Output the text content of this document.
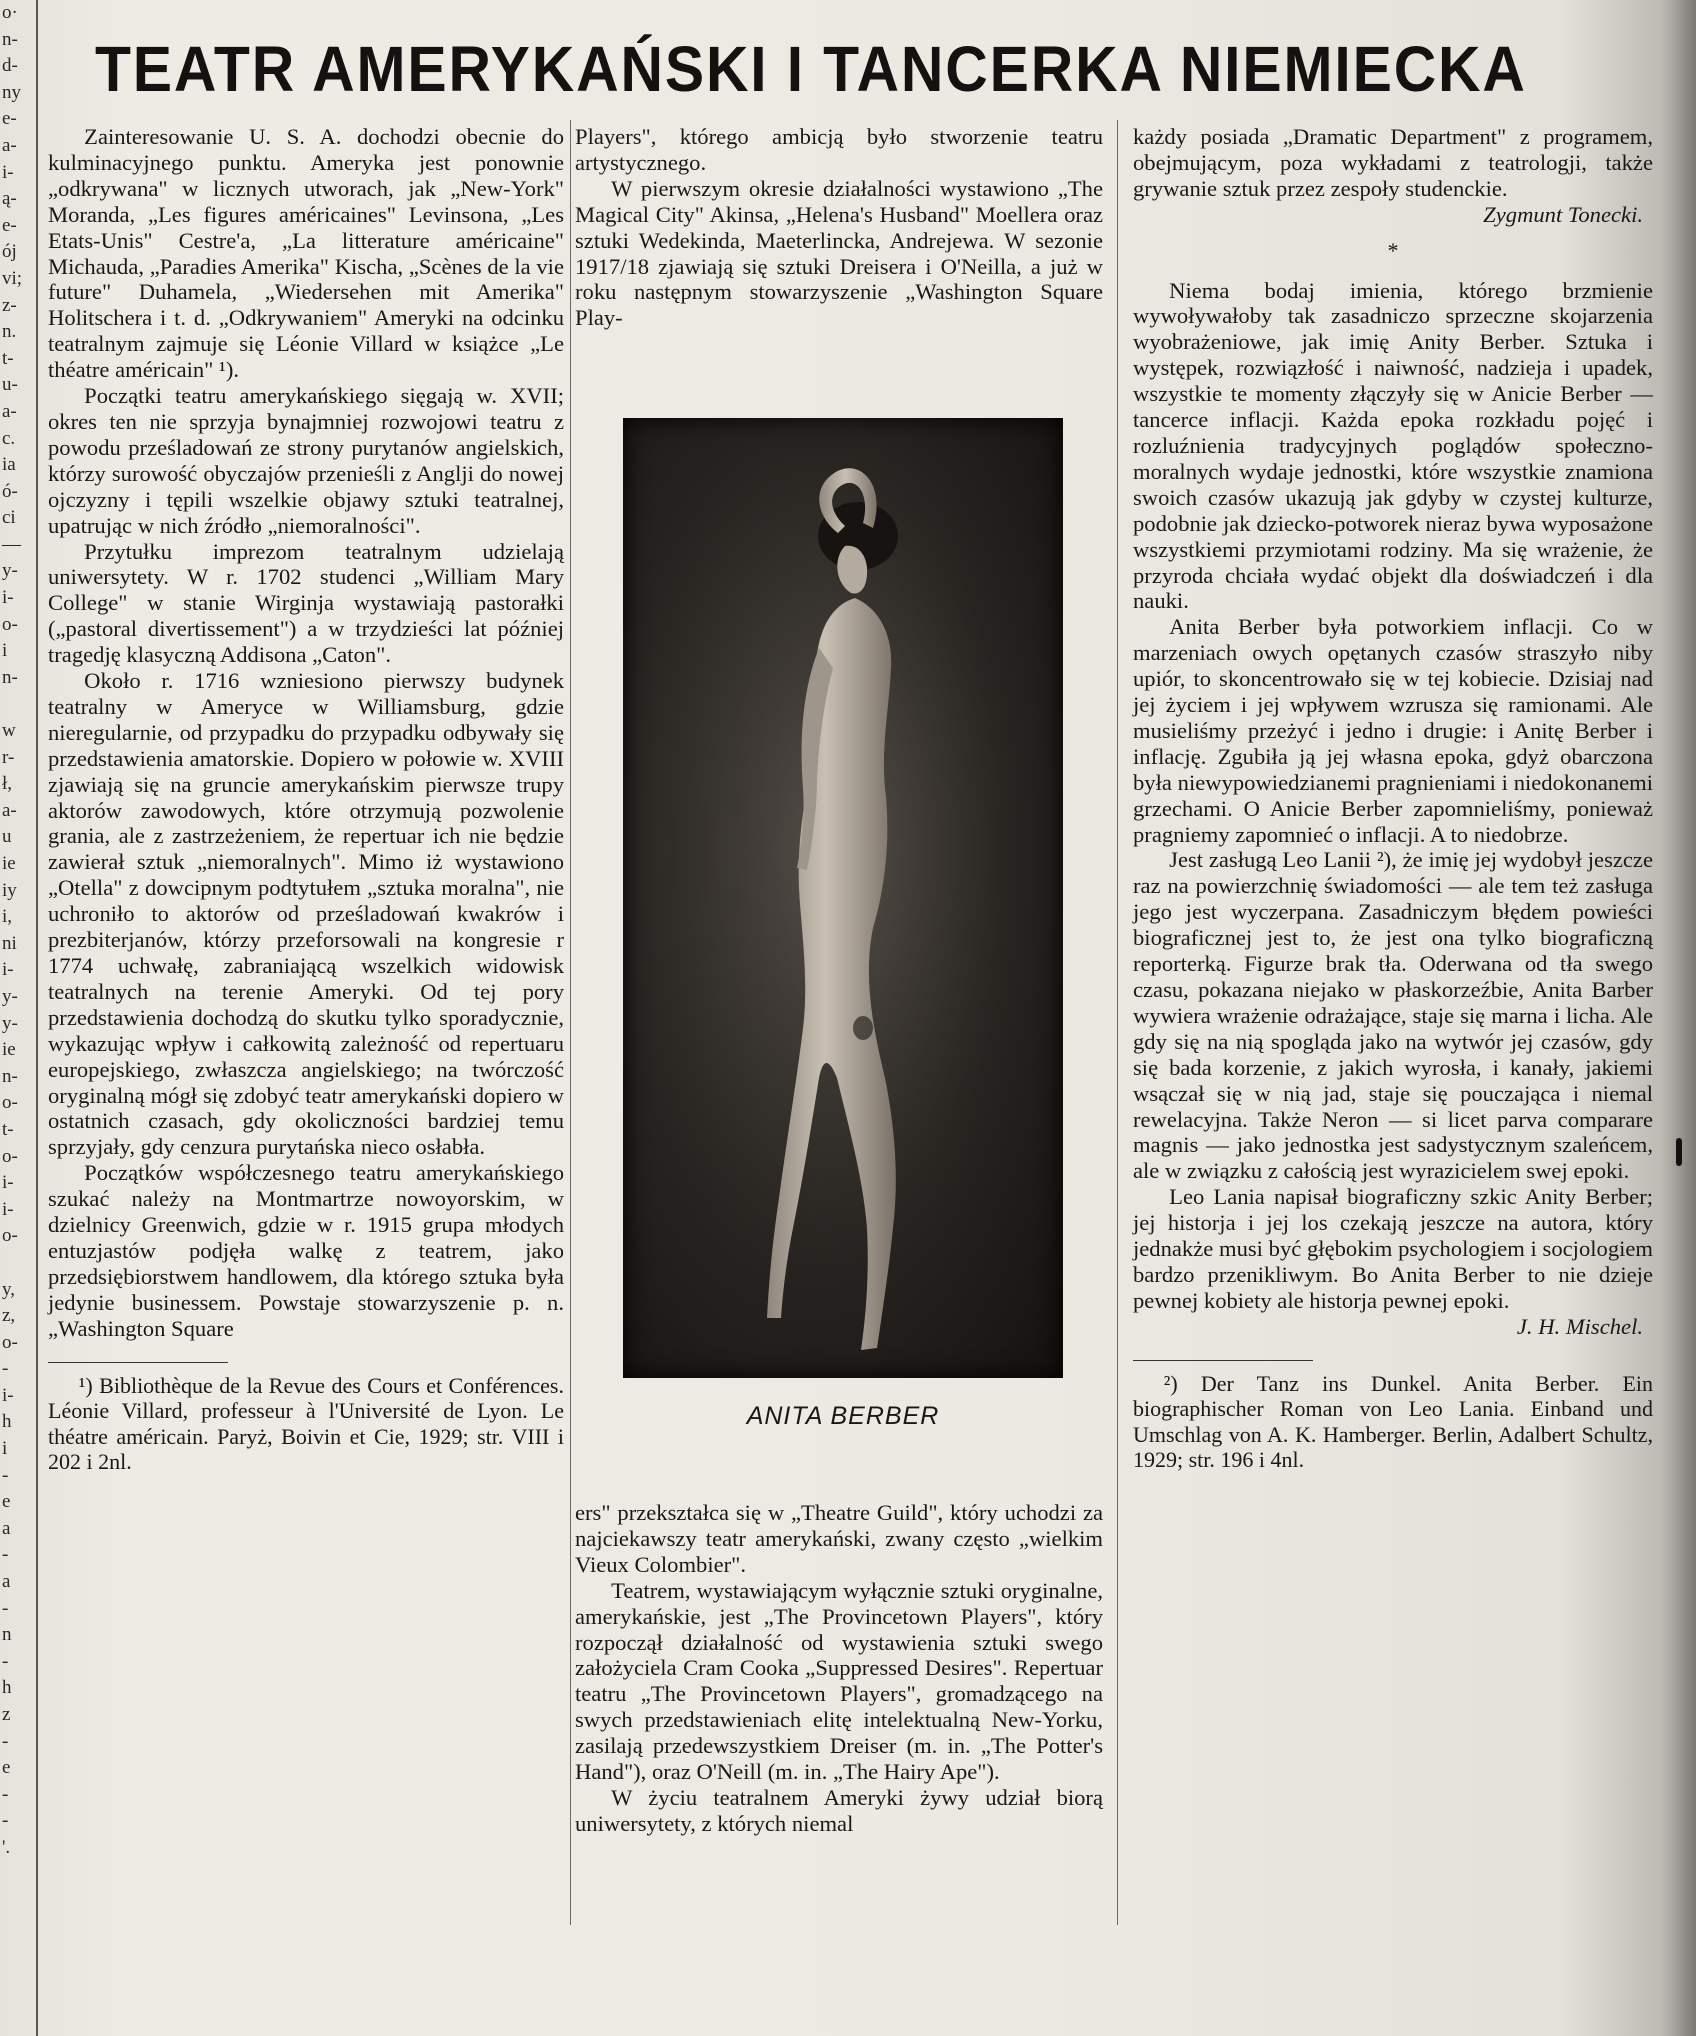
o·
n-
d-
ny
e-
a-
i-
ą-
e-
ój
vi;
z-
n.
t-
u-
a-
c.
ia
ó-
ci
—
y-
i-
o-
i
n-
w
r-
ł,
a-
u
ie
iy
i,
ni
i-
y-
y-
ie
n-
o-
t-
o-
i-
i-
o-
y,
z,
o-
-
i-
h
i
-
e
a
-
a
-
n
-
h
z
-
e
-
-
'.
TEATR AMERYKAŃSKI I TANCERKA NIEMIECKA

Zainteresowanie U. S. A. dochodzi obecnie do kulminacyjnego punktu. Ameryka jest ponownie „odkrywana" w licznych utworach, jak „New-York" Moranda, „Les figures américaines" Levinsona, „Les Etats-Unis" Cestre'a, „La litterature américaine" Michauda, „Paradies Amerika" Kischa, „Scènes de la vie future" Duhamela, „Wiedersehen mit Amerika" Holitschera i t. d. „Odkrywaniem" Ameryki na odcinku teatralnym zajmuje się Léonie Villard w książce „Le théatre américain" ¹).

Początki teatru amerykańskiego sięgają w. XVII; okres ten nie sprzyja bynajmniej rozwojowi teatru z powodu prześladowań ze strony purytanów angielskich, którzy surowość obyczajów przenieśli z Anglji do nowej ojczyzny i tępili wszelkie objawy sztuki teatralnej, upatrując w nich źródło „niemoralności".

Przytułku imprezom teatralnym udzielają uniwersytety. W r. 1702 studenci „William Mary College" w stanie Wirginja wystawiają pastorałki („pastoral divertissement") a w trzydzieści lat później tragedję klasyczną Addisona „Caton".

Około r. 1716 wzniesiono pierwszy budynek teatralny w Ameryce w Williamsburg, gdzie nieregularnie, od przypadku do przypadku odbywały się przedstawienia amatorskie. Dopiero w połowie w. XVIII zjawiają się na gruncie amerykańskim pierwsze trupy aktorów zawodowych, które otrzymują pozwolenie grania, ale z zastrzeżeniem, że repertuar ich nie będzie zawierał sztuk „niemoralnych". Mimo iż wystawiono „Otella" z dowcipnym podtytułem „sztuka moralna", nie uchroniło to aktorów od prześladowań kwakrów i prezbiterjanów, którzy przeforsowali na kongresie r 1774 uchwałę, zabraniającą wszelkich widowisk teatralnych na terenie Ameryki. Od tej pory przedstawienia dochodzą do skutku tylko sporadycznie, wykazując wpływ i całkowitą zależność od repertuaru europejskiego, zwłaszcza angielskiego; na twórczość oryginalną mógł się zdobyć teatr amerykański dopiero w ostatnich czasach, gdy okoliczności bardziej temu sprzyjały, gdy cenzura purytańska nieco osłabła.

Początków współczesnego teatru amerykańskiego szukać należy na Montmartrze nowoyorskim, w dzielnicy Greenwich, gdzie w r. 1915 grupa młodych entuzjastów podjęła walkę z teatrem, jako przedsiębiorstwem handlowem, dla którego sztuka była jedynie businessem. Powstaje stowarzyszenie p. n. „Washington Square

¹) Bibliothèque de la Revue des Cours et Conférences. Léonie Villard, professeur à l'Université de Lyon. Le théatre américain. Paryż, Boivin et Cie, 1929; str. VIII i 202 i 2nl.

Players", którego ambicją było stworzenie teatru artystycznego.

W pierwszym okresie działalności wystawiono „The Magical City" Akinsa, „Helena's Husband" Moellera oraz sztuki Wedekinda, Maeterlincka, Andrejewa. W sezonie 1917/18 zjawiają się sztuki Dreisera i O'Neilla, a już w roku następnym stowarzyszenie „Washington Square Play-

ANITA BERBER

ers" przekształca się w „Theatre Guild", który uchodzi za najciekawszy teatr amerykański, zwany często „wielkim Vieux Colombier".

Teatrem, wystawiającym wyłącznie sztuki oryginalne, amerykańskie, jest „The Provincetown Players", który rozpoczął działalność od wystawienia sztuki swego założyciela Cram Cooka „Suppressed Desires". Repertuar teatru „The Provincetown Players", gromadzącego na swych przedstawieniach elitę intelektualną New-Yorku, zasilają przedewszystkiem Dreiser (m. in. „The Potter's Hand"), oraz O'Neill (m. in. „The Hairy Ape").

W życiu teatralnem Ameryki żywy udział biorą uniwersytety, z których niemal

każdy posiada „Dramatic Department" z programem, obejmującym, poza wykładami z teatrologji, także grywanie sztuk przez zespoły studenckie.

Zygmunt Tonecki.

*

Niema bodaj imienia, którego brzmienie wywoływałoby tak zasadniczo sprzeczne skojarzenia wyobrażeniowe, jak imię Anity Berber. Sztuka i występek, rozwiązłość i naiwność, nadzieja i upadek, wszystkie te momenty złączyły się w Anicie Berber — tancerce inflacji. Każda epoka rozkładu pojęć i rozluźnienia tradycyjnych poglądów społeczno-moralnych wydaje jednostki, które wszystkie znamiona swoich czasów ukazują jak gdyby w czystej kulturze, podobnie jak dziecko-potworek nieraz bywa wyposażone wszystkiemi przymiotami rodziny. Ma się wrażenie, że przyroda chciała wydać objekt dla doświadczeń i dla nauki.

Anita Berber była potworkiem inflacji. Co w marzeniach owych opętanych czasów straszyło niby upiór, to skoncentrowało się w tej kobiecie. Dzisiaj nad jej życiem i jej wpływem wzrusza się ramionami. Ale musieliśmy przeżyć i jedno i drugie: i Anitę Berber i inflację. Zgubiła ją jej własna epoka, gdyż obarczona była niewypowiedzianemi pragnieniami i niedokonanemi grzechami. O Anicie Berber zapomnieliśmy, ponieważ pragniemy zapomnieć o inflacji. A to niedobrze.

Jest zasługą Leo Lanii ²), że imię jej wydobył jeszcze raz na powierzchnię świadomości — ale tem też zasługa jego jest wyczerpana. Zasadniczym błędem powieści biograficznej jest to, że jest ona tylko biograficzną reporterką. Figurze brak tła. Oderwana od tła swego czasu, pokazana niejako w płaskorzeźbie, Anita Barber wywiera wrażenie odrażające, staje się marna i licha. Ale gdy się na nią spogląda jako na wytwór jej czasów, gdy się bada korzenie, z jakich wyrosła, i kanały, jakiemi wsączał się w nią jad, staje się pouczająca i niemal rewelacyjna. Także Neron — si licet parva comparare magnis — jako jednostka jest sadystycznym szaleńcem, ale w związku z całością jest wyrazicielem swej epoki.

Leo Lania napisał biograficzny szkic Anity Berber; jej historja i jej los czekają jeszcze na autora, który jednakże musi być głębokim psychologiem i socjologiem bardzo przenikliwym. Bo Anita Berber to nie dzieje pewnej kobiety ale historja pewnej epoki.

J. H. Mischel.

²) Der Tanz ins Dunkel. Anita Berber. Ein biographischer Roman von Leo Lania. Einband und Umschlag von A. K. Hamberger. Berlin, Adalbert Schultz, 1929; str. 196 i 4nl.
